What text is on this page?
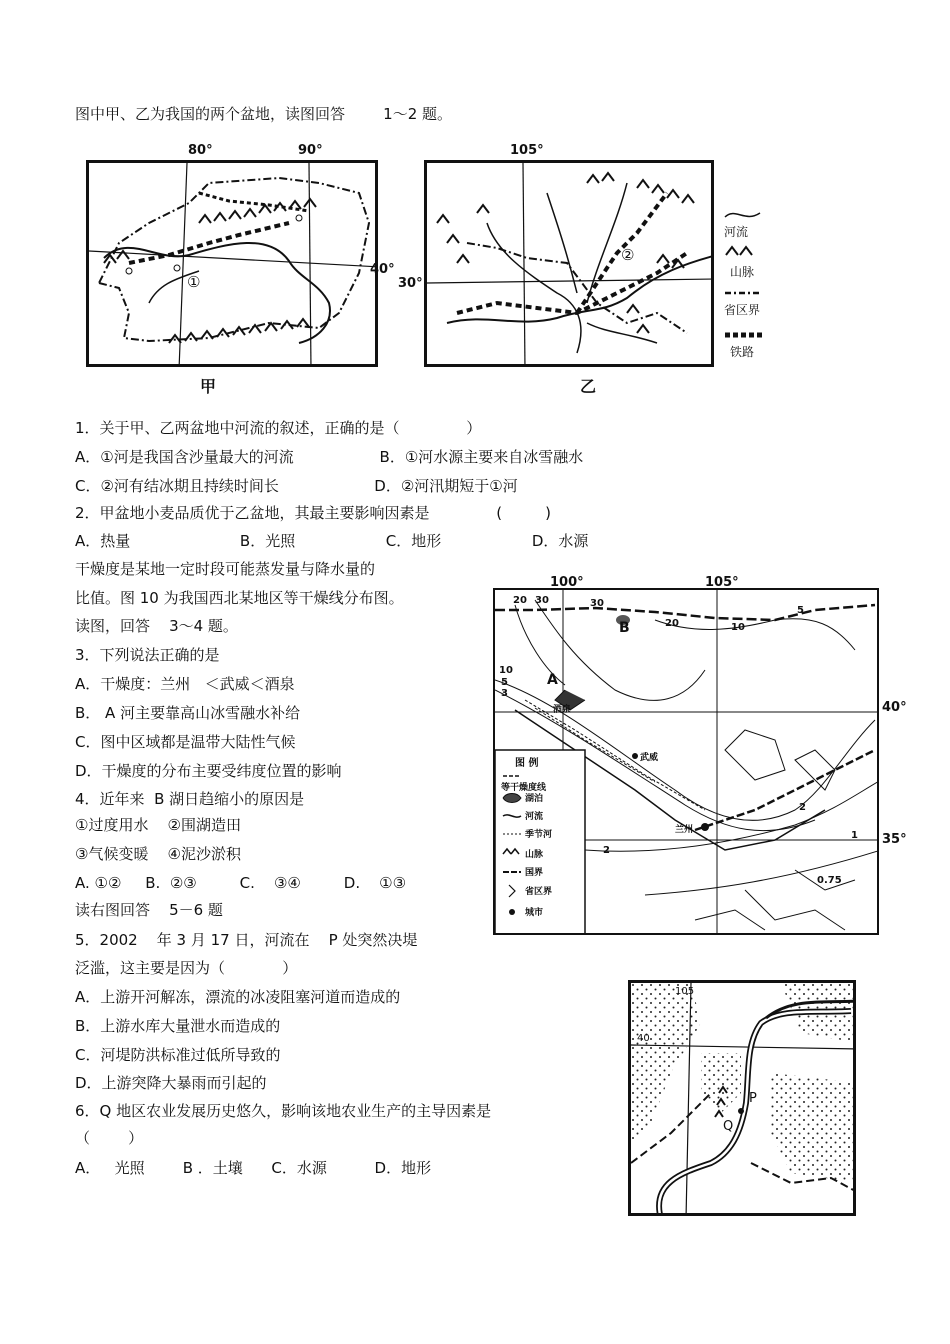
图中甲、乙为我国的两个盆地，读图回答        1～2 题。
①
80°	90°
40°
甲
②
105°
30°
乙
河流
山脉
省区界
铁路
1．关于甲、乙两盆地中河流的叙述，正确的是（              ）
A．①河是我国含沙量最大的河流                  B．①河水源主要来自冰雪融水
C．②河有结冰期且持续时间长                    D．②河汛期短于①河
2．甲盆地小麦品质优于乙盆地，其最主要影响因素是              (         )
A．热量                       B．光照                   C．地形                   D．水源
干燥度是某地一定时段可能蒸发量与降水量的
比值。图 10 为我国西北某地区等干燥线分布图。
读图，回答    3～4 题。
3．下列说法正确的是
A．干燥度：兰州   ＜武威＜酒泉
B． A 河主要靠高山冰雪融水补给
C．图中区域都是温带大陆性气候
D．干燥度的分布主要受纬度位置的影响
4．近年来  B 湖日趋缩小的原因是
①过度用水    ②围湖造田
③气候变暖    ④泥沙淤积
A. ①②     B.  ②③         C.    ③④         D.    ①③
读右图回答    5－6 题
5．2002    年 3 月 17 日，河流在    P 处突然决堤
泛滥，这主要是因为（            ）
A．上游开河解冻，漂流的冰凌阻塞河道而造成的
B．上游水库大量泄水而造成的
C．河堤防洪标准过低所导致的
D．上游突降大暴雨而引起的
6．Q 地区农业发展历史悠久，影响该地农业生产的主导因素是
（        ）
A．   光照        B ．土壤      C．水源          D．地形
图 例
等干燥度线
湖泊
河流
季节河
山脉
国界
省区界
城市
20 30	30
20	10
5
10
5
3
2
2
1
0.75
B
A
酒泉
武威
兰州
100°	105°
40°
35°
105
40
P
Q
